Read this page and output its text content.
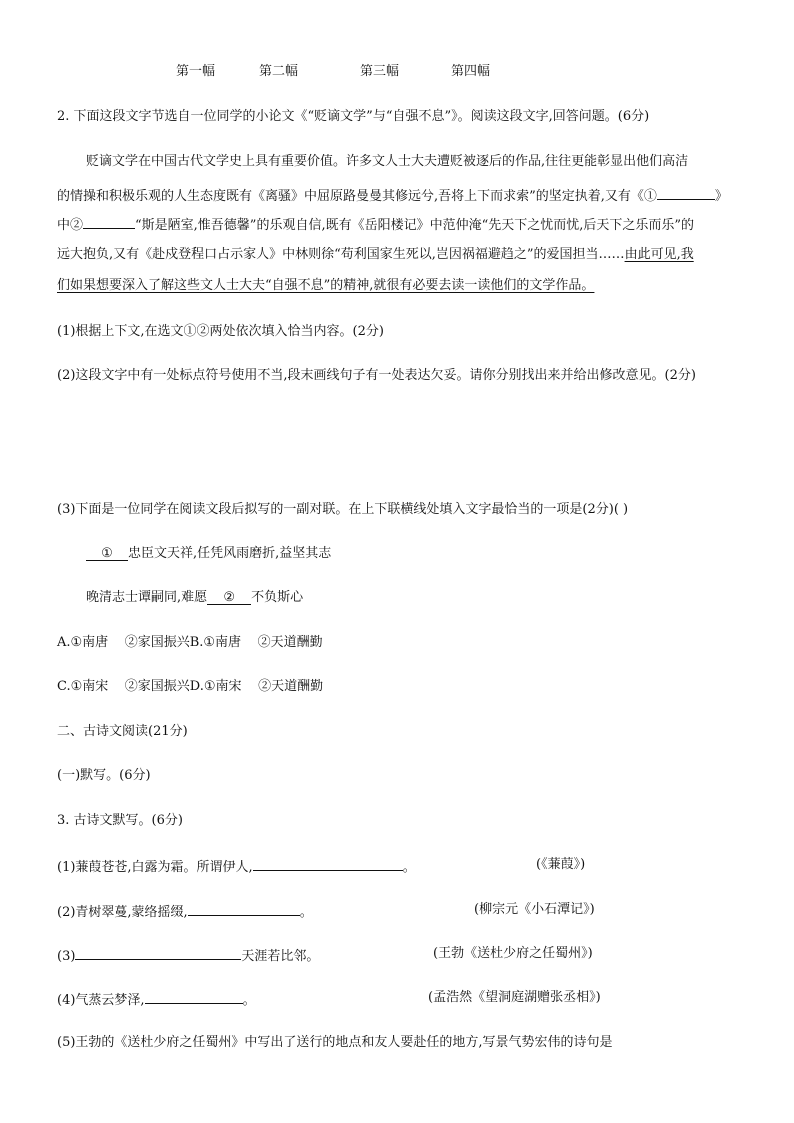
第一幅	第二幅	第三幅	第四幅
2. 下面这段文字节选自一位同学的小论文《“贬谪文学”与“自强不息”》。阅读这段文字,回答问题。(6分)
贬谪文学在中国古代文学史上具有重要价值。许多文人士大夫遭贬被逐后的作品,往往更能彰显出他们高洁
的情操和积极乐观的人生态度既有《离骚》中屈原路曼曼其修远兮,吾将上下而求索”的坚定执着,又有《①	》
中②	“斯是陋室,惟吾德馨”的乐观自信,既有《岳阳楼记》中范仲淹“先天下之忧而忧,后天下之乐而乐”的
远大抱负,又有《赴戍登程口占示家人》中林则徐“苟利国家生死以,岂因祸福避趋之”的爱国担当……由此可见,我
们如果想要深入了解这些文人士大夫“自强不息”的精神,就很有必要去读一读他们的文学作品。
(1)根据上下文,在选文①②两处依次填入恰当内容。(2分)
(2)这段文字中有一处标点符号使用不当,段末画线句子有一处表达欠妥。请你分别找出来并给出修改意见。(2分)
(3)下面是一位同学在阅读文段后拟写的一副对联。在上下联横线处填入文字最恰当的一项是(2分)( )
① 忠臣文天祥,任凭风雨磨折,益坚其志
晚清志士谭嗣同,难愿 ② 不负斯心
A.①南唐    ②家国振兴B.①南唐    ②天道酬勤
C.①南宋    ②家国振兴D.①南宋    ②天道酬勤
二、古诗文阅读(21分)
(一)默写。(6分)
3. 古诗文默写。(6分)
(1)蒹葭苍苍,白露为霜。所谓伊人,	。	(《蒹葭》)
(2)青树翠蔓,蒙络摇缀,	。	(柳宗元《小石潭记》)
(3)	天涯若比邻。	(王勃《送杜少府之任蜀州》)
(4)气蒸云梦泽,	。	(孟浩然《望洞庭湖赠张丞相》)
(5)王勃的《送杜少府之任蜀州》中写出了送行的地点和友人要赴任的地方,写景气势宏伟的诗句是
